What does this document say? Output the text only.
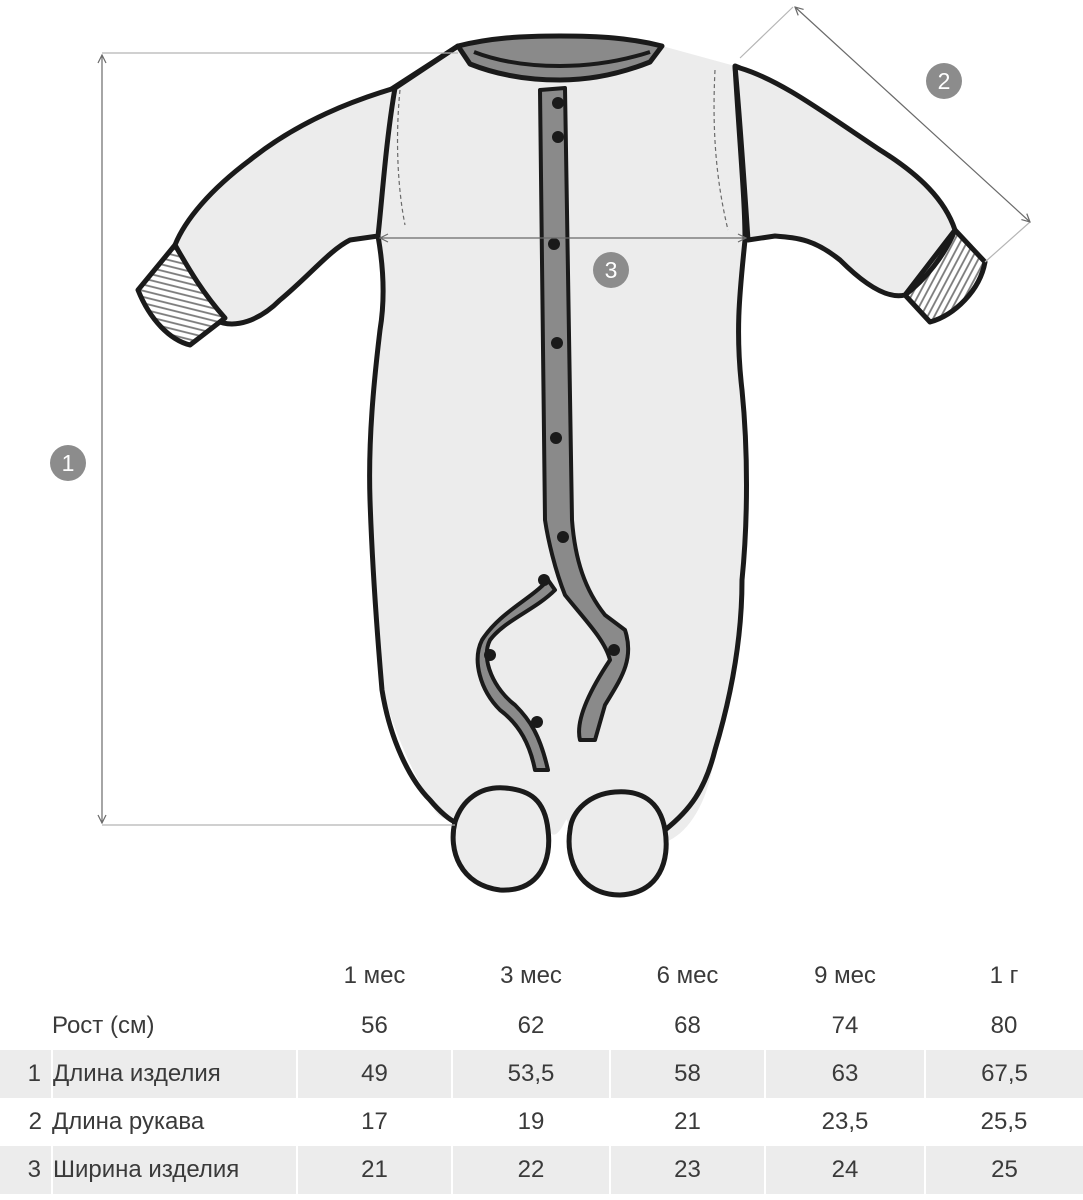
1
2
3
		1 мес	3 мес	6 мес	9 мес	1 г
	Рост (см)	56	62	68	74	80
1	Длина изделия	49	53,5	58	63	67,5
2	Длина рукава	17	19	21	23,5	25,5
3	Ширина изделия	21	22	23	24	25
